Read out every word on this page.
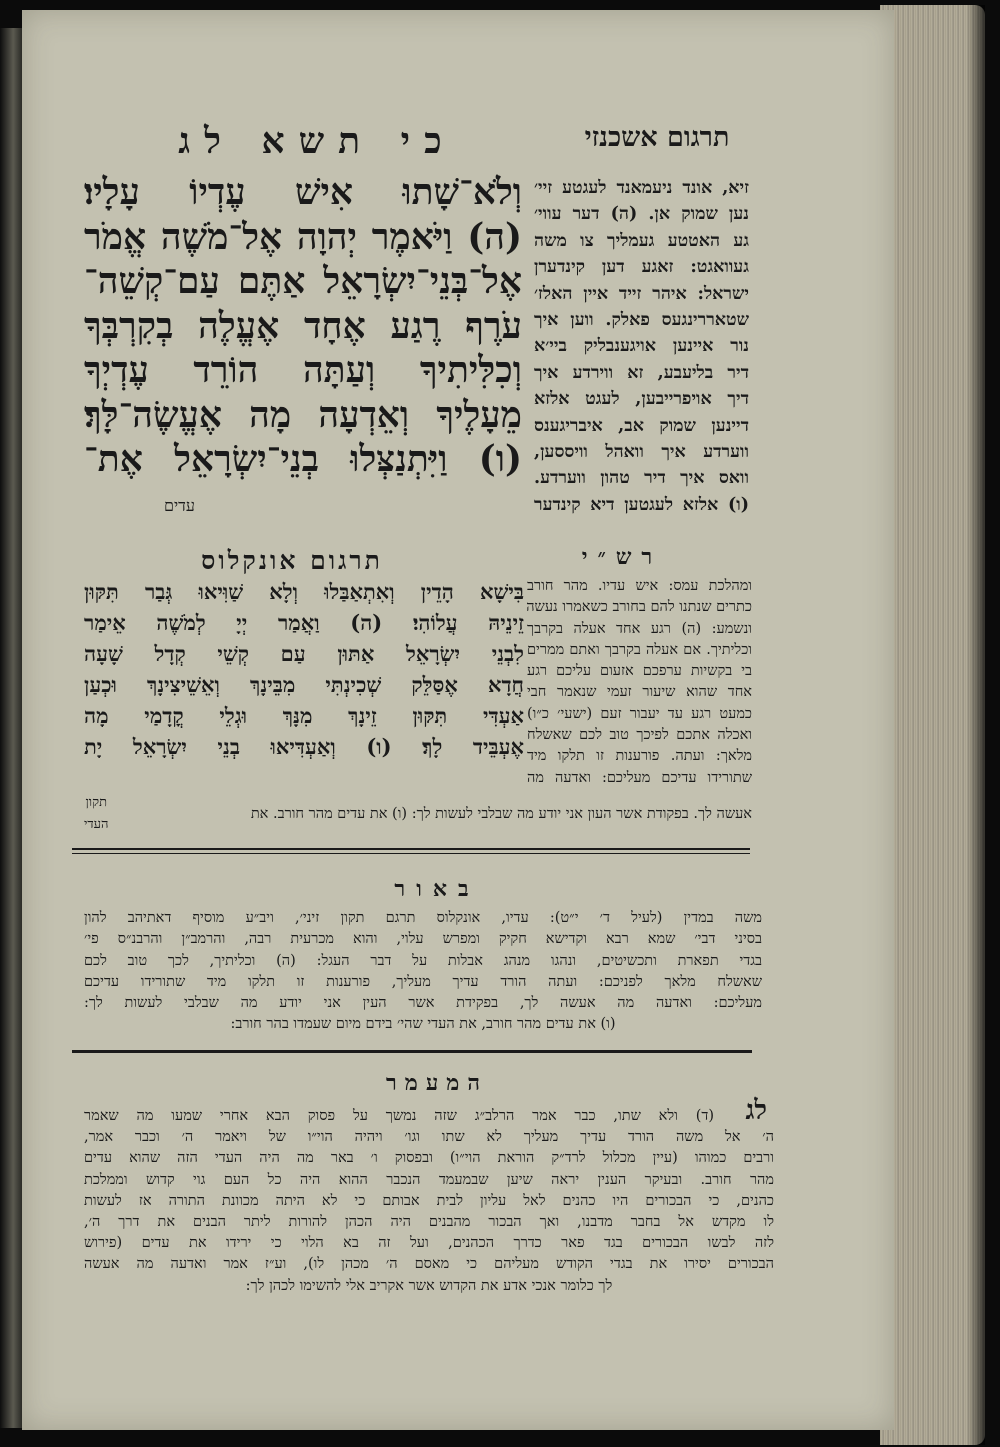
כי תשא לג	תרגום אשכנזי
וְלֹא־שָׁתוּ אִישׁ עֶדְיוֹ עָלָיו׃
(ה) וַיֹּאמֶר יְהוָה אֶל־מֹשֶׁה אֱמֹר
אֶל־בְּנֵי־יִשְׂרָאֵל אַתֶּם עַם־קְשֵׁה־
עֹרֶף רֶגַע אֶחָד אֶעֱלֶה בְקִרְבְּךָ
וְכִלִּיתִיךָ וְעַתָּה הוֹרֵד עֶדְיְךָ
מֵעָלֶיךָ וְאֵדְעָה מָה אֶעֱשֶׂה־לָּךְ׃
(ו) וַיִּתְנַצְּלוּ בְנֵי־יִשְׂרָאֵל אֶת־
עדים
זיא, אונד ניעמאנד לעגטע זיי׳
נען שמוק אן. (ה) דער עווי׳
גע האטטע געמליך צו משה
געוואגט: זאגע דען קינדערן
ישראל: איהר זייד איין האלז׳
שטאררינגעס פאלק. ווען איך
נור איינען אויגענבליק ביי׳א
דיר בליעבע, זא ווירדע איך
דיך אויפרייבען, לעגט אלזא
דיינען שמוק אב, איבריגענס
ווערדע איך וואהל וויססען,
וואס איך דיר טהון ווערדע.
(ו) אלזא לעגטען דיא קינדער
תרגום אונקלוס
בִּישָׁא הָדֵין וְאִתְאַבַּלוּ וְלָא שַׁוִּיאוּ גְּבַר תִּקּוּן
זֵינֵיהּ עֲלוֹהִי׃ (ה) וַאֲמַר יְיָ לְמֹשֶׁה אֵימַר
לִבְנֵי יִשְׂרָאֵל אַתּוּן עַם קְשֵׁי קְדָל שָׁעָה
חֲדָא אֶסַּלֵּק שְׁכִינְתִּי מִבֵּינָךְ וְאֵשֵׁיצִינָךְ וּכְעַן
אַעְדִּי תִּקּוּן זֵינָךְ מִנָּךְ וּגְלֵי קֳדָמַי מָה
אֶעְבֵּיד לָךְ׃ (ו) וְאַעְדִּיאוּ בְנֵי יִשְׂרָאֵל יָת
רש״י
ומהלכת עמס: איש עדיו. מהר חורב
כתרים שנתנו להם בחורב כשאמרו נעשה
ונשמע: (ה) רגע אחד אעלה בקרבך
וכליתיך. אם אעלה בקרבך ואתם ממרים
בי בקשיות ערפכם אזעום עליכם רגע
אחד שהוא שיעור זעמי שנאמר חבי
כמעט רגע עד יעבור זעם (ישעי׳ כ״ו)
ואכלה אתכם לפיכך טוב לכם שאשלח
מלאך: ועתה. פורענות זו תלקו מיד
שתורידו עדיכם מעליכם: ואדעה מה
אעשה לך. בפקודת אשר העון אני יודע מה שבלבי לעשות לך: (ו) את עדים מהר חורב. את
תקון
העדי
באור
משה במדין (לעיל ד׳ י״ט): עדיו, אונקלוס תרגם תקון זיני׳, ויב״ע מוסיף דאתיהב להון
בסיני דבי׳ שמא רבא וקדישא חקיק ומפרש עלוי, והוא מכרעית רבה, והרמב״ן והרבנ״ס פי׳
בגדי תפארת ותכשיטים, ונהגו מנהג אבלות על דבר העגל: (ה) וכליתיך, לכך טוב לכם
שאשלח מלאך לפניכם: ועתה הורד עדיך מעליך, פורענות זו תלקו מיד שתורידו עדיכם
מעליכם: ואדעה מה אעשה לך, בפקידת אשר העין אני יודע מה שבלבי לעשות לך:
(ו) את עדים מהר חורב, את העדי שהי׳ בידם מיום שעמדו בהר חורב:
המעמר
לג
(ד) ולא שתו, כבר אמר הרלב״ג שזה נמשך על פסוק הבא אחרי שמעו מה שאמר
ה׳ אל משה הורד עדיך מעליך לא שתו וגו׳ ויהיה הוי״ו של ויאמר ה׳ וכבר אמר,
ורבים כמוהו (עיין מכלול לרד״ק הוראת הוי״ו) ובפסוק ו׳ באר מה היה העדי הזה שהוא עדים
מהר חורב. ובעיקר הענין יראה שיען שבמעמד הנכבר ההוא היה כל העם גוי קדוש וממלכת
כהנים, כי הבכורים היו כהנים לאל עליון לבית אבותם כי לא היתה מכוונת התורה אז לעשות
לו מקדש אל בחבר מדבנו, ואך הבכור מהבנים היה הכהן להורות ליתר הבנים את דרך ה׳,
לזה לבשו הבכורים בגד פאר כדרך הכהנים, ועל זה בא הלוי כי ירידו את עדים (פירוש
הבכורים יסירו את בגדי הקודש מעליהם כי מאסם ה׳ מכהן לו), וע״ז אמר ואדעה מה אעשה
לך כלומר אנכי אדע את הקדוש אשר אקריב אלי להשימו לכהן לך:
